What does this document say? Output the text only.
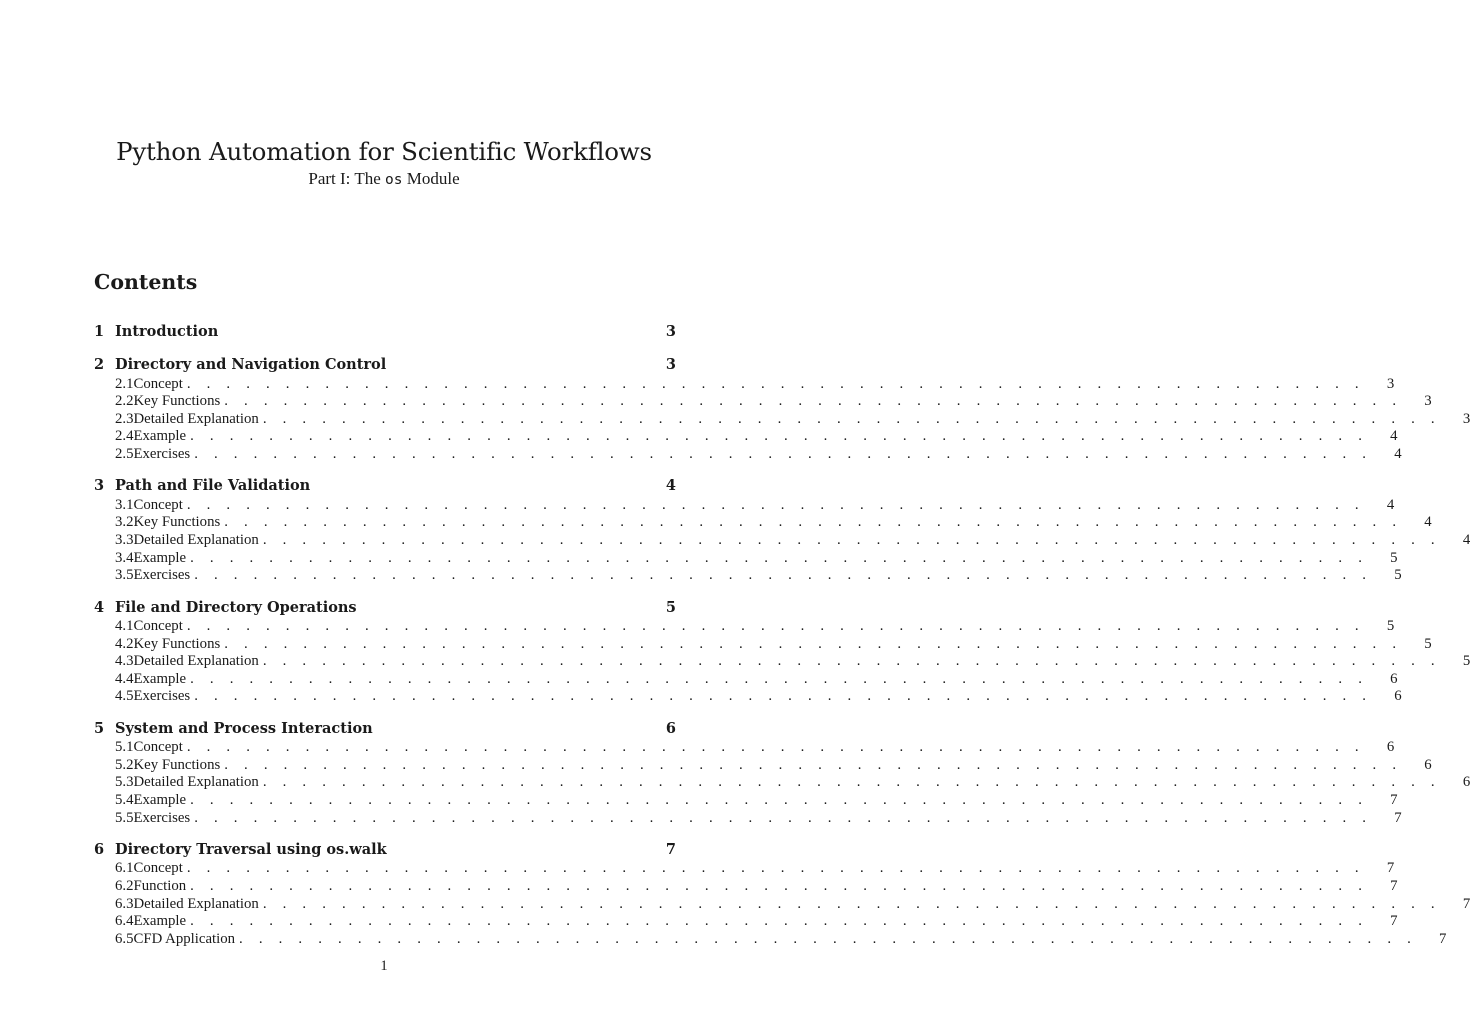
Python Automation for Scientific Workflows
Part I: The os Module
Contents
1 Introduction	3
2 Directory and Navigation Control	3
2.1 Concept . . . . . . . . . . . . . . . . . . . . . . . . . . . . . . . . . . . . . . . . . . . . . . . . . . . . . . . . . . . . 3
2.2 Key Functions . . . . . . . . . . . . . . . . . . . . . . . . . . . . . . . . . . . . . . . . . . . . . . . . . . . . . . . . . . . . 3
2.3 Detailed Explanation . . . . . . . . . . . . . . . . . . . . . . . . . . . . . . . . . . . . . . . . . . . . . . . . . . . . . . . . . . . . 3
2.4 Example . . . . . . . . . . . . . . . . . . . . . . . . . . . . . . . . . . . . . . . . . . . . . . . . . . . . . . . . . . . . 4
2.5 Exercises . . . . . . . . . . . . . . . . . . . . . . . . . . . . . . . . . . . . . . . . . . . . . . . . . . . . . . . . . . . . 4
3 Path and File Validation	4
3.1 Concept . . . . . . . . . . . . . . . . . . . . . . . . . . . . . . . . . . . . . . . . . . . . . . . . . . . . . . . . . . . . 4
3.2 Key Functions . . . . . . . . . . . . . . . . . . . . . . . . . . . . . . . . . . . . . . . . . . . . . . . . . . . . . . . . . . . . 4
3.3 Detailed Explanation . . . . . . . . . . . . . . . . . . . . . . . . . . . . . . . . . . . . . . . . . . . . . . . . . . . . . . . . . . . . 4
3.4 Example . . . . . . . . . . . . . . . . . . . . . . . . . . . . . . . . . . . . . . . . . . . . . . . . . . . . . . . . . . . . 5
3.5 Exercises . . . . . . . . . . . . . . . . . . . . . . . . . . . . . . . . . . . . . . . . . . . . . . . . . . . . . . . . . . . . 5
4 File and Directory Operations	5
4.1 Concept . . . . . . . . . . . . . . . . . . . . . . . . . . . . . . . . . . . . . . . . . . . . . . . . . . . . . . . . . . . . 5
4.2 Key Functions . . . . . . . . . . . . . . . . . . . . . . . . . . . . . . . . . . . . . . . . . . . . . . . . . . . . . . . . . . . . 5
4.3 Detailed Explanation . . . . . . . . . . . . . . . . . . . . . . . . . . . . . . . . . . . . . . . . . . . . . . . . . . . . . . . . . . . . 5
4.4 Example . . . . . . . . . . . . . . . . . . . . . . . . . . . . . . . . . . . . . . . . . . . . . . . . . . . . . . . . . . . . 6
4.5 Exercises . . . . . . . . . . . . . . . . . . . . . . . . . . . . . . . . . . . . . . . . . . . . . . . . . . . . . . . . . . . . 6
5 System and Process Interaction	6
5.1 Concept . . . . . . . . . . . . . . . . . . . . . . . . . . . . . . . . . . . . . . . . . . . . . . . . . . . . . . . . . . . . 6
5.2 Key Functions . . . . . . . . . . . . . . . . . . . . . . . . . . . . . . . . . . . . . . . . . . . . . . . . . . . . . . . . . . . . 6
5.3 Detailed Explanation . . . . . . . . . . . . . . . . . . . . . . . . . . . . . . . . . . . . . . . . . . . . . . . . . . . . . . . . . . . . 6
5.4 Example . . . . . . . . . . . . . . . . . . . . . . . . . . . . . . . . . . . . . . . . . . . . . . . . . . . . . . . . . . . . 7
5.5 Exercises . . . . . . . . . . . . . . . . . . . . . . . . . . . . . . . . . . . . . . . . . . . . . . . . . . . . . . . . . . . . 7
6 Directory Traversal using os.walk	7
6.1 Concept . . . . . . . . . . . . . . . . . . . . . . . . . . . . . . . . . . . . . . . . . . . . . . . . . . . . . . . . . . . . 7
6.2 Function . . . . . . . . . . . . . . . . . . . . . . . . . . . . . . . . . . . . . . . . . . . . . . . . . . . . . . . . . . . . 7
6.3 Detailed Explanation . . . . . . . . . . . . . . . . . . . . . . . . . . . . . . . . . . . . . . . . . . . . . . . . . . . . . . . . . . . . 7
6.4 Example . . . . . . . . . . . . . . . . . . . . . . . . . . . . . . . . . . . . . . . . . . . . . . . . . . . . . . . . . . . . 7
6.5 CFD Application . . . . . . . . . . . . . . . . . . . . . . . . . . . . . . . . . . . . . . . . . . . . . . . . . . . . . . . . . . . . 7
1
